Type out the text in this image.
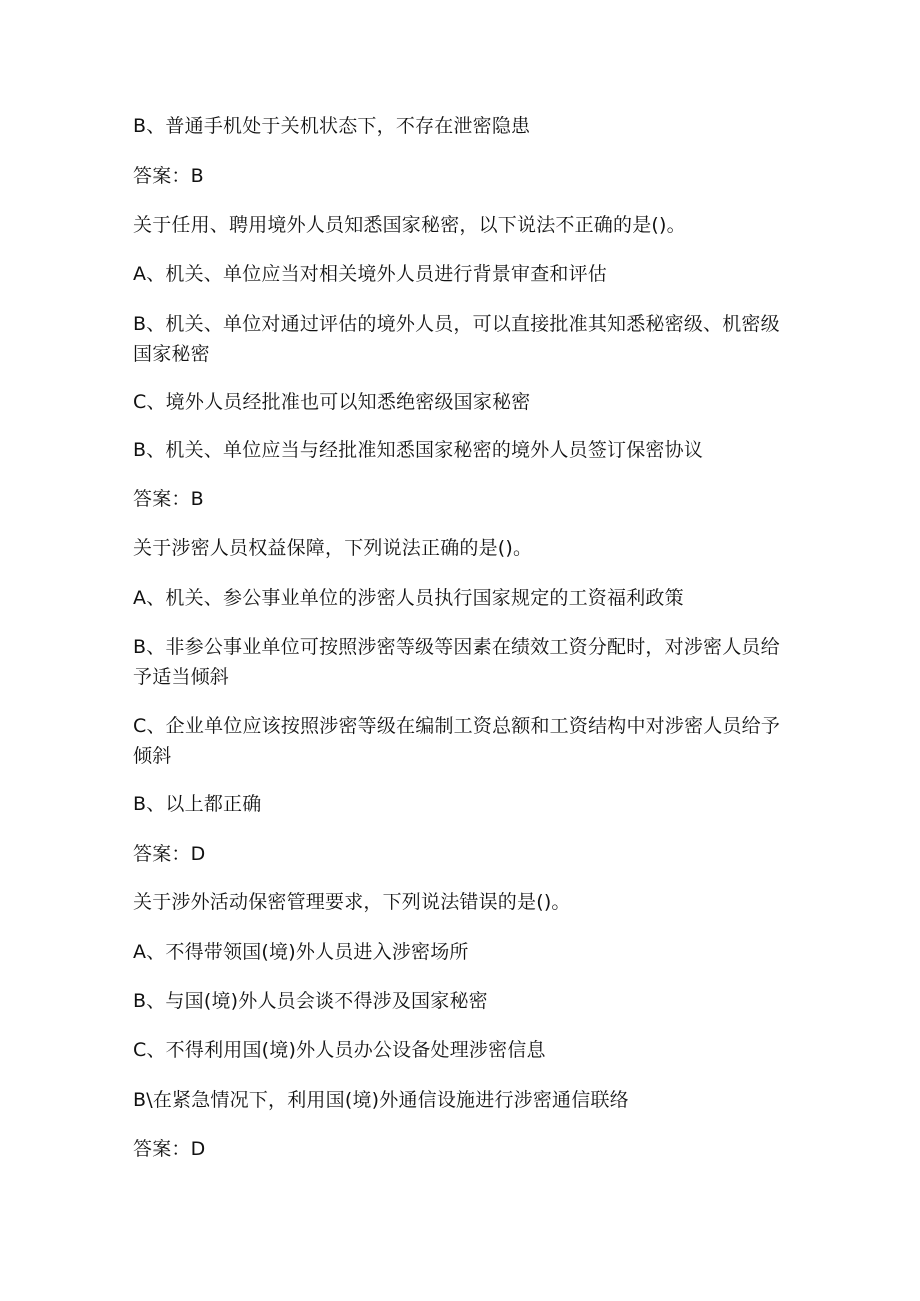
B、普通手机处于关机状态下，不存在泄密隐患
答案：B
关于任用、聘用境外人员知悉国家秘密，以下说法不正确的是()。
A、机关、单位应当对相关境外人员进行背景审查和评估
B、机关、单位对通过评估的境外人员，可以直接批准其知悉秘密级、机密级国家秘密
C、境外人员经批准也可以知悉绝密级国家秘密
B、机关、单位应当与经批准知悉国家秘密的境外人员签订保密协议
答案：B
关于涉密人员权益保障，下列说法正确的是()。
A、机关、参公事业单位的涉密人员执行国家规定的工资福利政策
B、非参公事业单位可按照涉密等级等因素在绩效工资分配时，对涉密人员给予适当倾斜
C、企业单位应该按照涉密等级在编制工资总额和工资结构中对涉密人员给予倾斜
B、以上都正确
答案：D
关于涉外活动保密管理要求，下列说法错误的是()。
A、不得带领国(境)外人员进入涉密场所
B、与国(境)外人员会谈不得涉及国家秘密
C、不得利用国(境)外人员办公设备处理涉密信息
B\在紧急情况下，利用国(境)外通信设施进行涉密通信联络
答案：D
